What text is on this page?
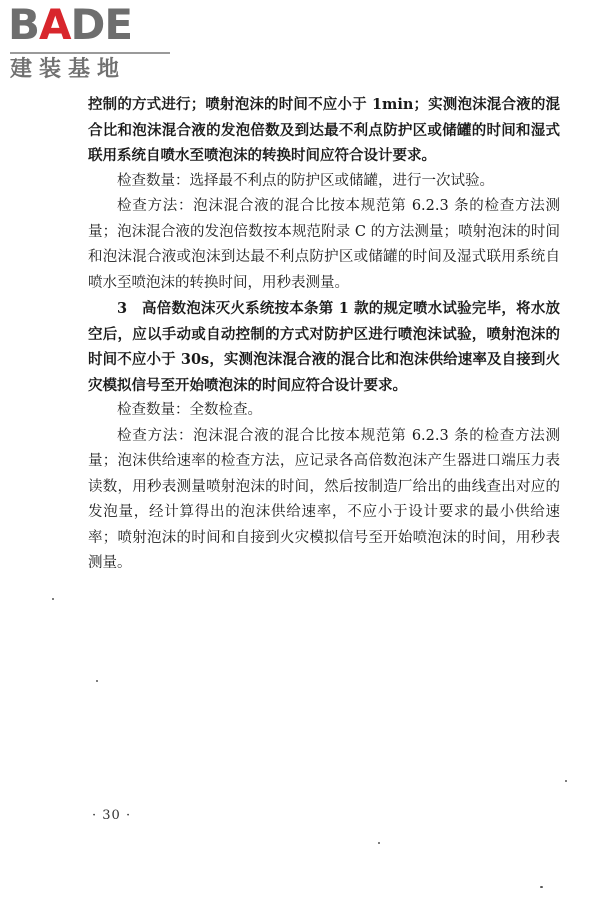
BADE
建装基地

控制的方式进行；喷射泡沫的时间不应小于 1min；实测泡沫混合液的混合比和泡沫混合液的发泡倍数及到达最不利点防护区或储罐的时间和湿式联用系统自喷水至喷泡沫的转换时间应符合设计要求。

检查数量：选择最不利点的防护区或储罐，进行一次试验。

检查方法：泡沫混合液的混合比按本规范第 6.2.3 条的检查方法测量；泡沫混合液的发泡倍数按本规范附录 C 的方法测量；喷射泡沫的时间和泡沫混合液或泡沫到达最不利点防护区或储罐的时间及湿式联用系统自喷水至喷泡沫的转换时间，用秒表测量。

3　高倍数泡沫灭火系统按本条第 1 款的规定喷水试验完毕，将水放空后，应以手动或自动控制的方式对防护区进行喷泡沫试验，喷射泡沫的时间不应小于 30s，实测泡沫混合液的混合比和泡沫供给速率及自接到火灾模拟信号至开始喷泡沫的时间应符合设计要求。

检查数量：全数检查。

检查方法：泡沫混合液的混合比按本规范第 6.2.3 条的检查方法测量；泡沫供给速率的检查方法，应记录各高倍数泡沫产生器进口端压力表读数，用秒表测量喷射泡沫的时间，然后按制造厂给出的曲线查出对应的发泡量，经计算得出的泡沫供给速率，不应小于设计要求的最小供给速率；喷射泡沫的时间和自接到火灾模拟信号至开始喷泡沫的时间，用秒表测量。

· 30 ·
